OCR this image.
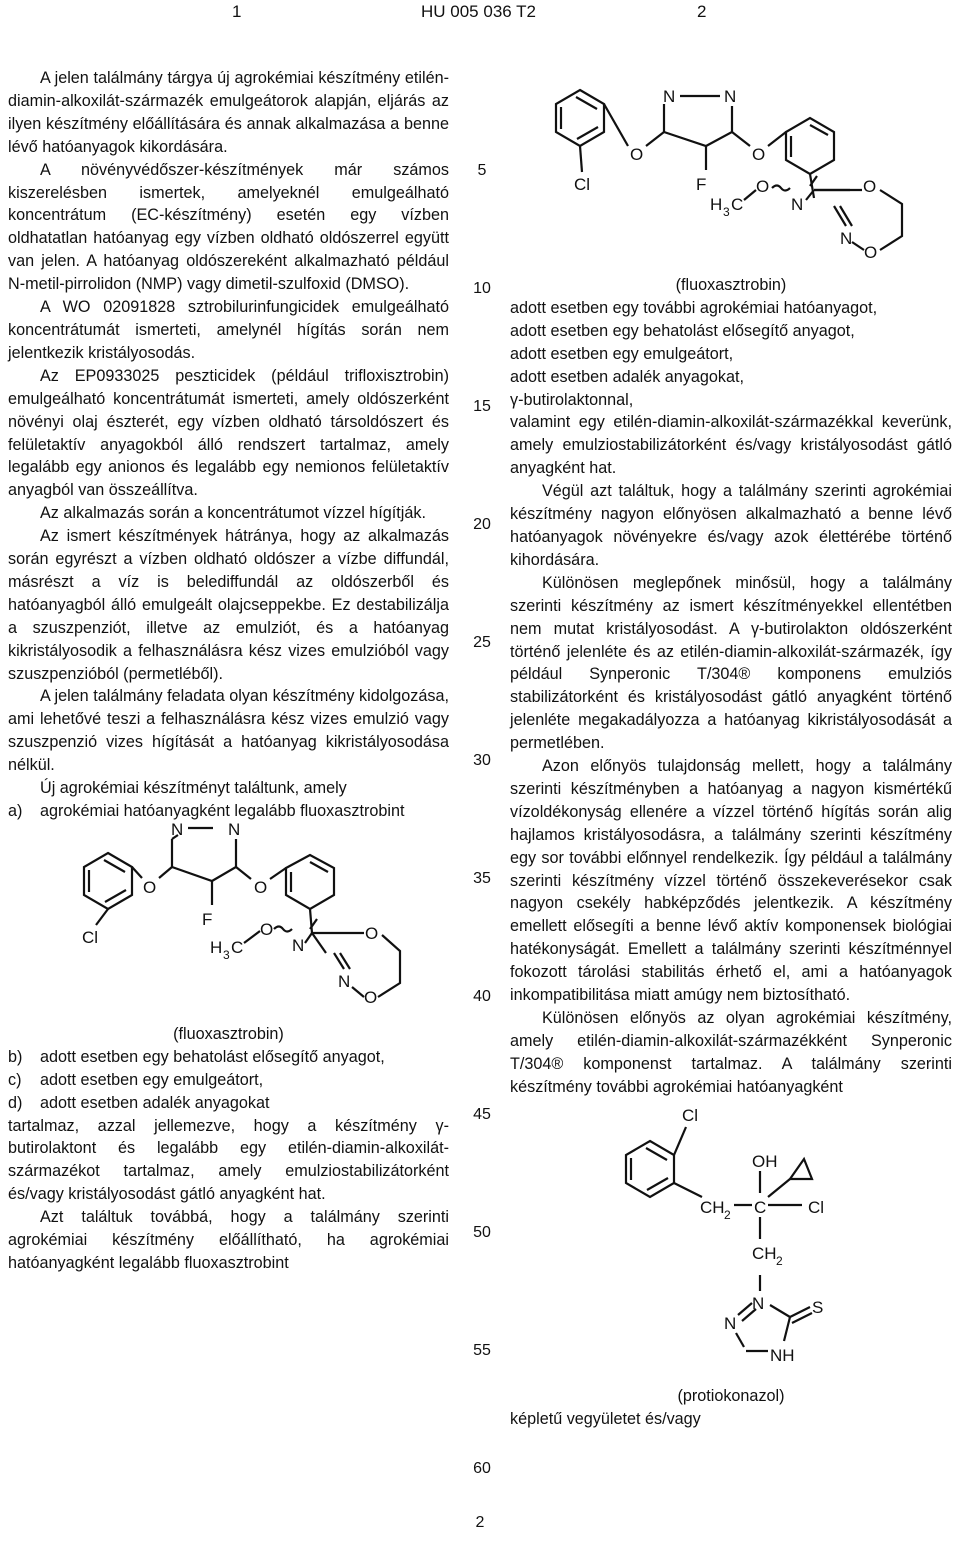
1	HU 005 036 T2	2
5
10
15
20
25
30
35
40
45
50
55
60

A jelen találmány tárgya új agrokémiai készítmény etilén-diamin-alkoxilát-származék emulgeátorok alapján, eljárás az ilyen készítmény előállítására és annak alkalmazása a benne lévő hatóanyagok kikordására.

A növényvédőszer-készítmények már számos kiszerelésben ismertek, amelyeknél emulgeálható koncentrátum (EC-készítmény) esetén egy vízben oldhatatlan hatóanyag egy vízben oldható oldószerrel együtt van jelen. A hatóanyag oldószereként alkalmazható például N-metil-pirrolidon (NMP) vagy dimetil-szulfoxid (DMSO).

A WO 02091828 sztrobilurinfungicidek emulgeálható koncentrátumát ismerteti, amelynél hígítás során nem jelentkezik kristályosodás.

Az EP0933025 peszticidek (például trifloxisztrobin) emulgeálható koncentrátumát ismerteti, amely oldószerként növényi olaj észterét, egy vízben oldható társoldószert és felületaktív anyagokból álló rendszert tartalmaz, amely legalább egy anionos és legalább egy nemionos felületaktív anyagból van összeállítva.

Az alkalmazás során a koncentrátumot vízzel hígítják.

Az ismert készítmények hátránya, hogy az alkalmazás során egyrészt a vízben oldható oldószer a vízbe diffundál, másrészt a víz is belediffundál az oldószerből és hatóanyagból álló emulgeált olajcseppekbe. Ez destabilizálja a szuszpenziót, illetve az emulziót, és a hatóanyag kikristályosodik a felhasználásra kész vizes emulzióból vagy szuszpenzióból (permetléből).

A jelen találmány feladata olyan készítmény kidolgozása, ami lehetővé teszi a felhasználásra kész vizes emulzió vagy szuszpenzió vizes hígítását a hatóanyag kikristályosodása nélkül.

Új agrokémiai készítményt találtunk, amely

a)	agrokémiai hatóanyagként legalább fluoxasztrobint
Cl
O
N	N
F
O
H 3 C
O
N
O
O
N

(fluoxasztrobin)

b)	adott esetben egy behatolást elősegítő anyagot,
c)	adott esetben egy emulgeátort,
d)	adott esetben adalék anyagokat

tartalmaz, azzal jellemezve, hogy a készítmény γ-butirolaktont és legalább egy etilén-diamin-alkoxilát-származékot tartalmaz, amely emulziostabilizátorként és/vagy kristályosodást gátló anyagként hat.

Azt találtuk továbbá, hogy a találmány szerinti agrokémiai készítmény előállítható, ha agrokémiai hatóanyagként legalább fluoxasztrobint

Cl
O
N	N
F
O
H 3 C
O
N
O
O
N

(fluoxasztrobin)

adott esetben egy további agrokémiai hatóanyagot,

adott esetben egy behatolást elősegítő anyagot,

adott esetben egy emulgeátort,

adott esetben adalék anyagokat,

γ-butirolaktonnal,

valamint egy etilén-diamin-alkoxilát-származékkal keverünk, amely emulziostabilizátorként és/vagy kristályosodást gátló anyagként hat.

Végül azt találtuk, hogy a találmány szerinti agrokémiai készítmény nagyon előnyösen alkalmazható a benne lévő hatóanyagok növényekre és/vagy azok élettérébe történő kihordására.

Különösen meglepőnek minősül, hogy a találmány szerinti készítmény az ismert készítményekkel ellentétben nem mutat kristályosodást. A γ-butirolakton oldószerként történő jelenléte és az etilén-diamin-alkoxilát-származék, így például Synperonic T/304® komponens emulziós stabilizátorként és kristályosodást gátló anyagként történő jelenléte megakadályozza a hatóanyag kikristályosodását a permetlében.

Azon előnyös tulajdonság mellett, hogy a találmány szerinti készítményben a hatóanyag a nagyon kismértékű vízoldékonyság ellenére a vízzel történő hígítás során alig hajlamos kristályosodásra, a találmány szerinti készítmény egy sor további előnnyel rendelkezik. Így például a találmány szerinti készítmény vízzel történő összekeverésekor csak nagyon csekély habképződés jelentkezik. A készítmény emellett elősegíti a benne lévő aktív komponensek biológiai hatékonyságát. Emellett a találmány szerinti készítménnyel fokozott tárolási stabilitás érhető el, ami a hatóanyagok inkompatibilitása miatt amúgy nem biztosítható.

Különösen előnyös az olyan agrokémiai készítmény, amely etilén-diamin-alkoxilát-származékként Synperonic T/304® komponenst tartalmaz. A találmány szerinti készítmény további agrokémiai hatóanyagként

Cl
CH 2 C
OH
Cl
CH 2
N	S
NH
N

(protiokonazol)

képletű vegyületet és/vagy

2
